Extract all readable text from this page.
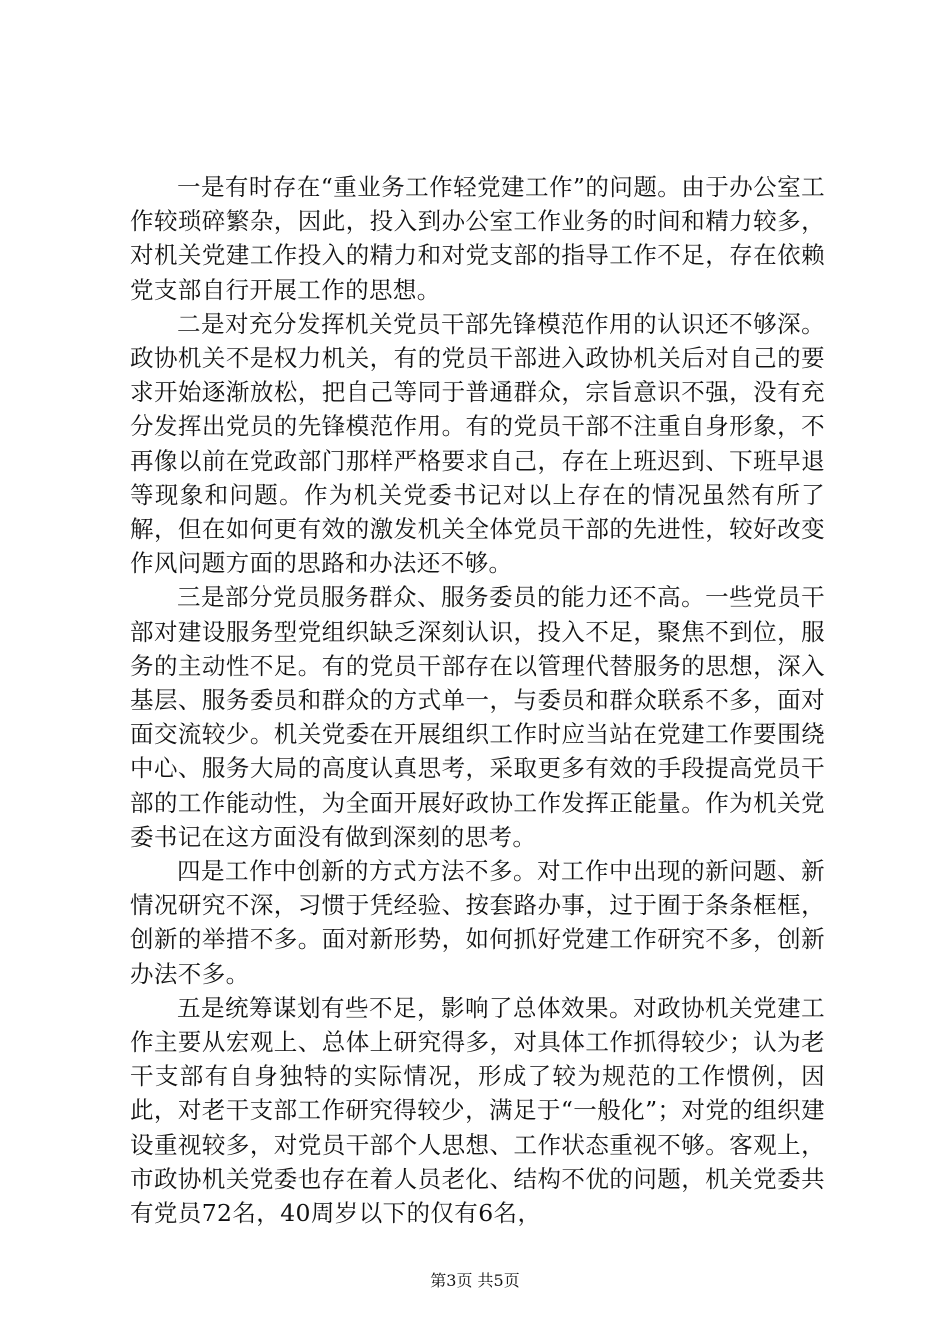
一是有时存在“重业务工作轻党建工作”的问题。由于办公室工作较琐碎繁杂，因此，投入到办公室工作业务的时间和精力较多，对机关党建工作投入的精力和对党支部的指导工作不足，存在依赖党支部自行开展工作的思想。

二是对充分发挥机关党员干部先锋模范作用的认识还不够深。政协机关不是权力机关，有的党员干部进入政协机关后对自己的要求开始逐渐放松，把自己等同于普通群众，宗旨意识不强，没有充分发挥出党员的先锋模范作用。有的党员干部不注重自身形象，不再像以前在党政部门那样严格要求自己，存在上班迟到、下班早退等现象和问题。作为机关党委书记对以上存在的情况虽然有所了解，但在如何更有效的激发机关全体党员干部的先进性，较好改变作风问题方面的思路和办法还不够。

三是部分党员服务群众、服务委员的能力还不高。一些党员干部对建设服务型党组织缺乏深刻认识，投入不足，聚焦不到位，服务的主动性不足。有的党员干部存在以管理代替服务的思想，深入基层、服务委员和群众的方式单一，与委员和群众联系不多，面对面交流较少。机关党委在开展组织工作时应当站在党建工作要围绕中心、服务大局的高度认真思考，采取更多有效的手段提高党员干部的工作能动性，为全面开展好政协工作发挥正能量。作为机关党委书记在这方面没有做到深刻的思考。

四是工作中创新的方式方法不多。对工作中出现的新问题、新情况研究不深，习惯于凭经验、按套路办事，过于囿于条条框框，创新的举措不多。面对新形势，如何抓好党建工作研究不多，创新办法不多。

五是统筹谋划有些不足，影响了总体效果。对政协机关党建工作主要从宏观上、总体上研究得多，对具体工作抓得较少；认为老干支部有自身独特的实际情况，形成了较为规范的工作惯例，因此，对老干支部工作研究得较少，满足于“一般化”；对党的组织建设重视较多，对党员干部个人思想、工作状态重视不够。客观上，市政协机关党委也存在着人员老化、结构不优的问题，机关党委共有党员72名，40周岁以下的仅有6名，

第3页 共5页
